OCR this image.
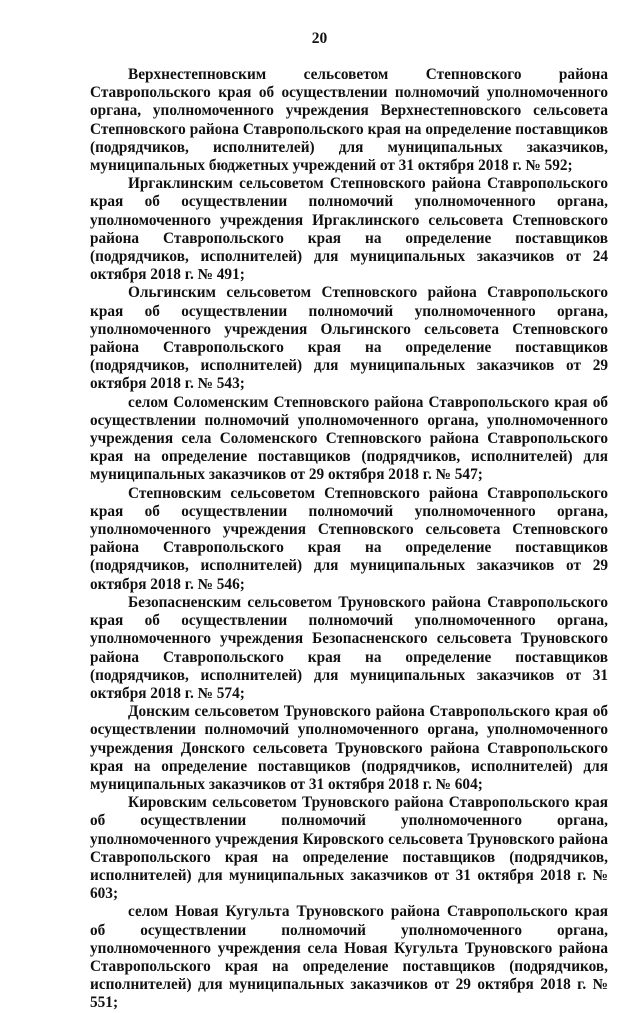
20

Верхнестепновским сельсоветом Степновского района Ставропольского края об осуществлении полномочий уполномоченного органа, уполномоченного учреждения Верхнестепновского сельсовета Степновского района Ставропольского края на определение поставщиков (подрядчиков, исполнителей) для муниципальных заказчиков, муниципальных бюджетных учреждений от 31 октября 2018 г. № 592;

Иргаклинским сельсоветом Степновского района Ставропольского края об осуществлении полномочий уполномоченного органа, уполномоченного учреждения Иргаклинского сельсовета Степновского района Ставропольского края на определение поставщиков (подрядчиков, исполнителей) для муниципальных заказчиков от 24 октября 2018 г. № 491;

Ольгинским сельсоветом Степновского района Ставропольского края об осуществлении полномочий уполномоченного органа, уполномоченного учреждения Ольгинского сельсовета Степновского района Ставропольского края на определение поставщиков (подрядчиков, исполнителей) для муниципальных заказчиков от 29 октября 2018 г. № 543;

селом Соломенским Степновского района Ставропольского края об осуществлении полномочий уполномоченного органа, уполномоченного учреждения села Соломенского Степновского района Ставропольского края на определение поставщиков (подрядчиков, исполнителей) для муниципальных заказчиков от 29 октября 2018 г. № 547;

Степновским сельсоветом Степновского района Ставропольского края об осуществлении полномочий уполномоченного органа, уполномоченного учреждения Степновского сельсовета Степновского района Ставропольского края на определение поставщиков (подрядчиков, исполнителей) для муниципальных заказчиков от 29 октября 2018 г. № 546;

Безопасненским сельсоветом Труновского района Ставропольского края об осуществлении полномочий уполномоченного органа, уполномоченного учреждения Безопасненского сельсовета Труновского района Ставропольского края на определение поставщиков (подрядчиков, исполнителей) для муниципальных заказчиков от 31 октября 2018 г. № 574;

Донским сельсоветом Труновского района Ставропольского края об осуществлении полномочий уполномоченного органа, уполномоченного учреждения Донского сельсовета Труновского района Ставропольского края на определение поставщиков (подрядчиков, исполнителей) для муниципальных заказчиков от 31 октября 2018 г. № 604;

Кировским сельсоветом Труновского района Ставропольского края об осуществлении полномочий уполномоченного органа, уполномоченного учреждения Кировского сельсовета Труновского района Ставропольского края на определение поставщиков (подрядчиков, исполнителей) для муниципальных заказчиков от 31 октября 2018 г. № 603;

селом Новая Кугульта Труновского района Ставропольского края об осуществлении полномочий уполномоченного органа, уполномоченного учреждения села Новая Кугульта Труновского района Ставропольского края на определение поставщиков (подрядчиков, исполнителей) для муниципальных заказчиков от 29 октября 2018 г. № 551;
